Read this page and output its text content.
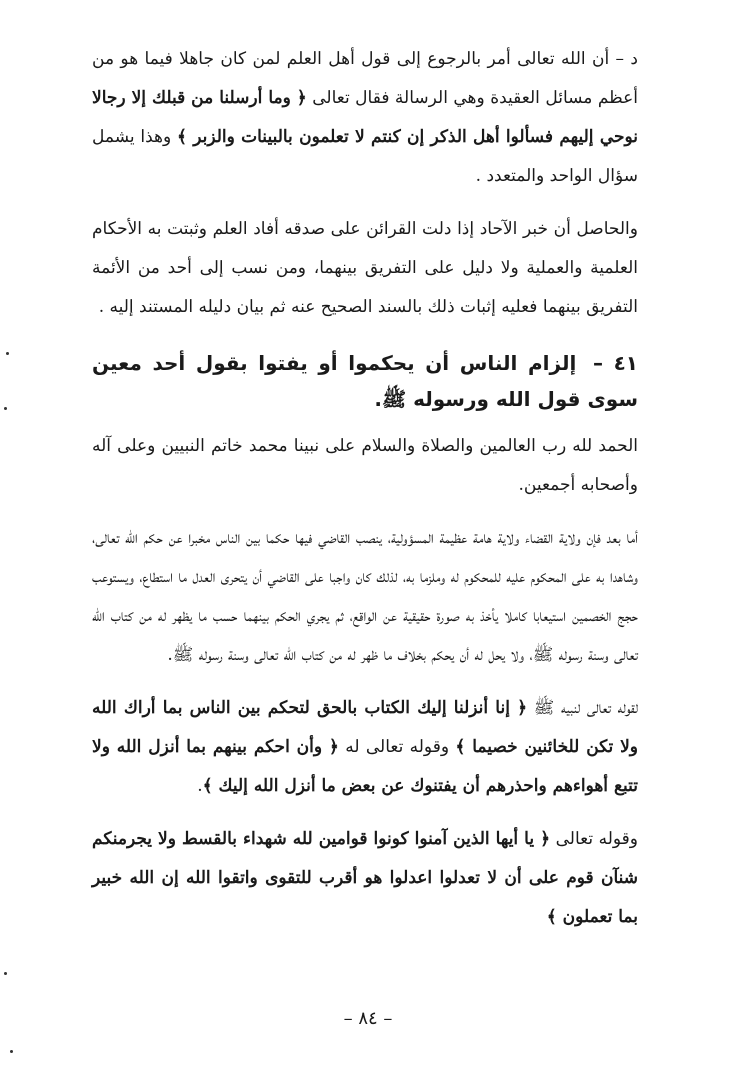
د – أن الله تعالى أمر بالرجوع إلى قول أهل العلم لمن كان جاهلا فيما هو من أعظم مسائل العقيدة وهي الرسالة فقال تعالى ﴿ وما أرسلنا من قبلك إلا رجالا نوحي إليهم فسألوا أهل الذكر إن كنتم لا تعلمون بالبينات والزبر ﴾ وهذا يشمل سؤال الواحد والمتعدد .

والحاصل أن خبر الآحاد إذا دلت القرائن على صدقه أفاد العلم وثبتت به الأحكام العلمية والعملية ولا دليل على التفريق بينهما، ومن نسب إلى أحد من الأئمة التفريق بينهما فعليه إثبات ذلك بالسند الصحيح عنه ثم بيان دليله المستند إليه .

٤١ – إلزام الناس أن يحكموا أو يفتوا بقول أحد معين سوى قول الله ورسوله ﷺ.

الحمد لله رب العالمين والصلاة والسلام على نبينا محمد خاتم النبيين وعلى آله وأصحابه أجمعين.

أما بعد فإن ولاية القضاء ولاية هامة عظيمة المسؤولية، ينصب القاضي فيها حكما بين الناس مخبرا عن حكم الله تعالى، وشاهدا به على المحكوم عليه للمحكوم له وملزما به، لذلك كان واجبا على القاضي أن يتحرى العدل ما استطاع، ويستوعب حجج الخصمين استيعابا كاملا يأخذ به صورة حقيقية عن الواقع، ثم يجري الحكم بينهما حسب ما يظهر له من كتاب الله تعالى وسنة رسوله ﷺ، ولا يحل له أن يحكم بخلاف ما ظهر له من كتاب الله تعالى وسنة رسوله ﷺ.

لقوله تعالى لنبيه ﷺ ﴿ إنا أنزلنا إليك الكتاب بالحق لتحكم بين الناس بما أراك الله ولا تكن للخائنين خصيما ﴾ وقوله تعالى له ﴿ وأن احكم بينهم بما أنزل الله ولا تتبع أهواءهم واحذرهم أن يفتنوك عن بعض ما أنزل الله إليك ﴾.

وقوله تعالى ﴿ يا أيها الذين آمنوا كونوا قوامين لله شهداء بالقسط ولا يجرمنكم شنآن قوم على أن لا تعدلوا اعدلوا هو أقرب للتقوى واتقوا الله إن الله خبير بما تعملون ﴾

– ٨٤ –
